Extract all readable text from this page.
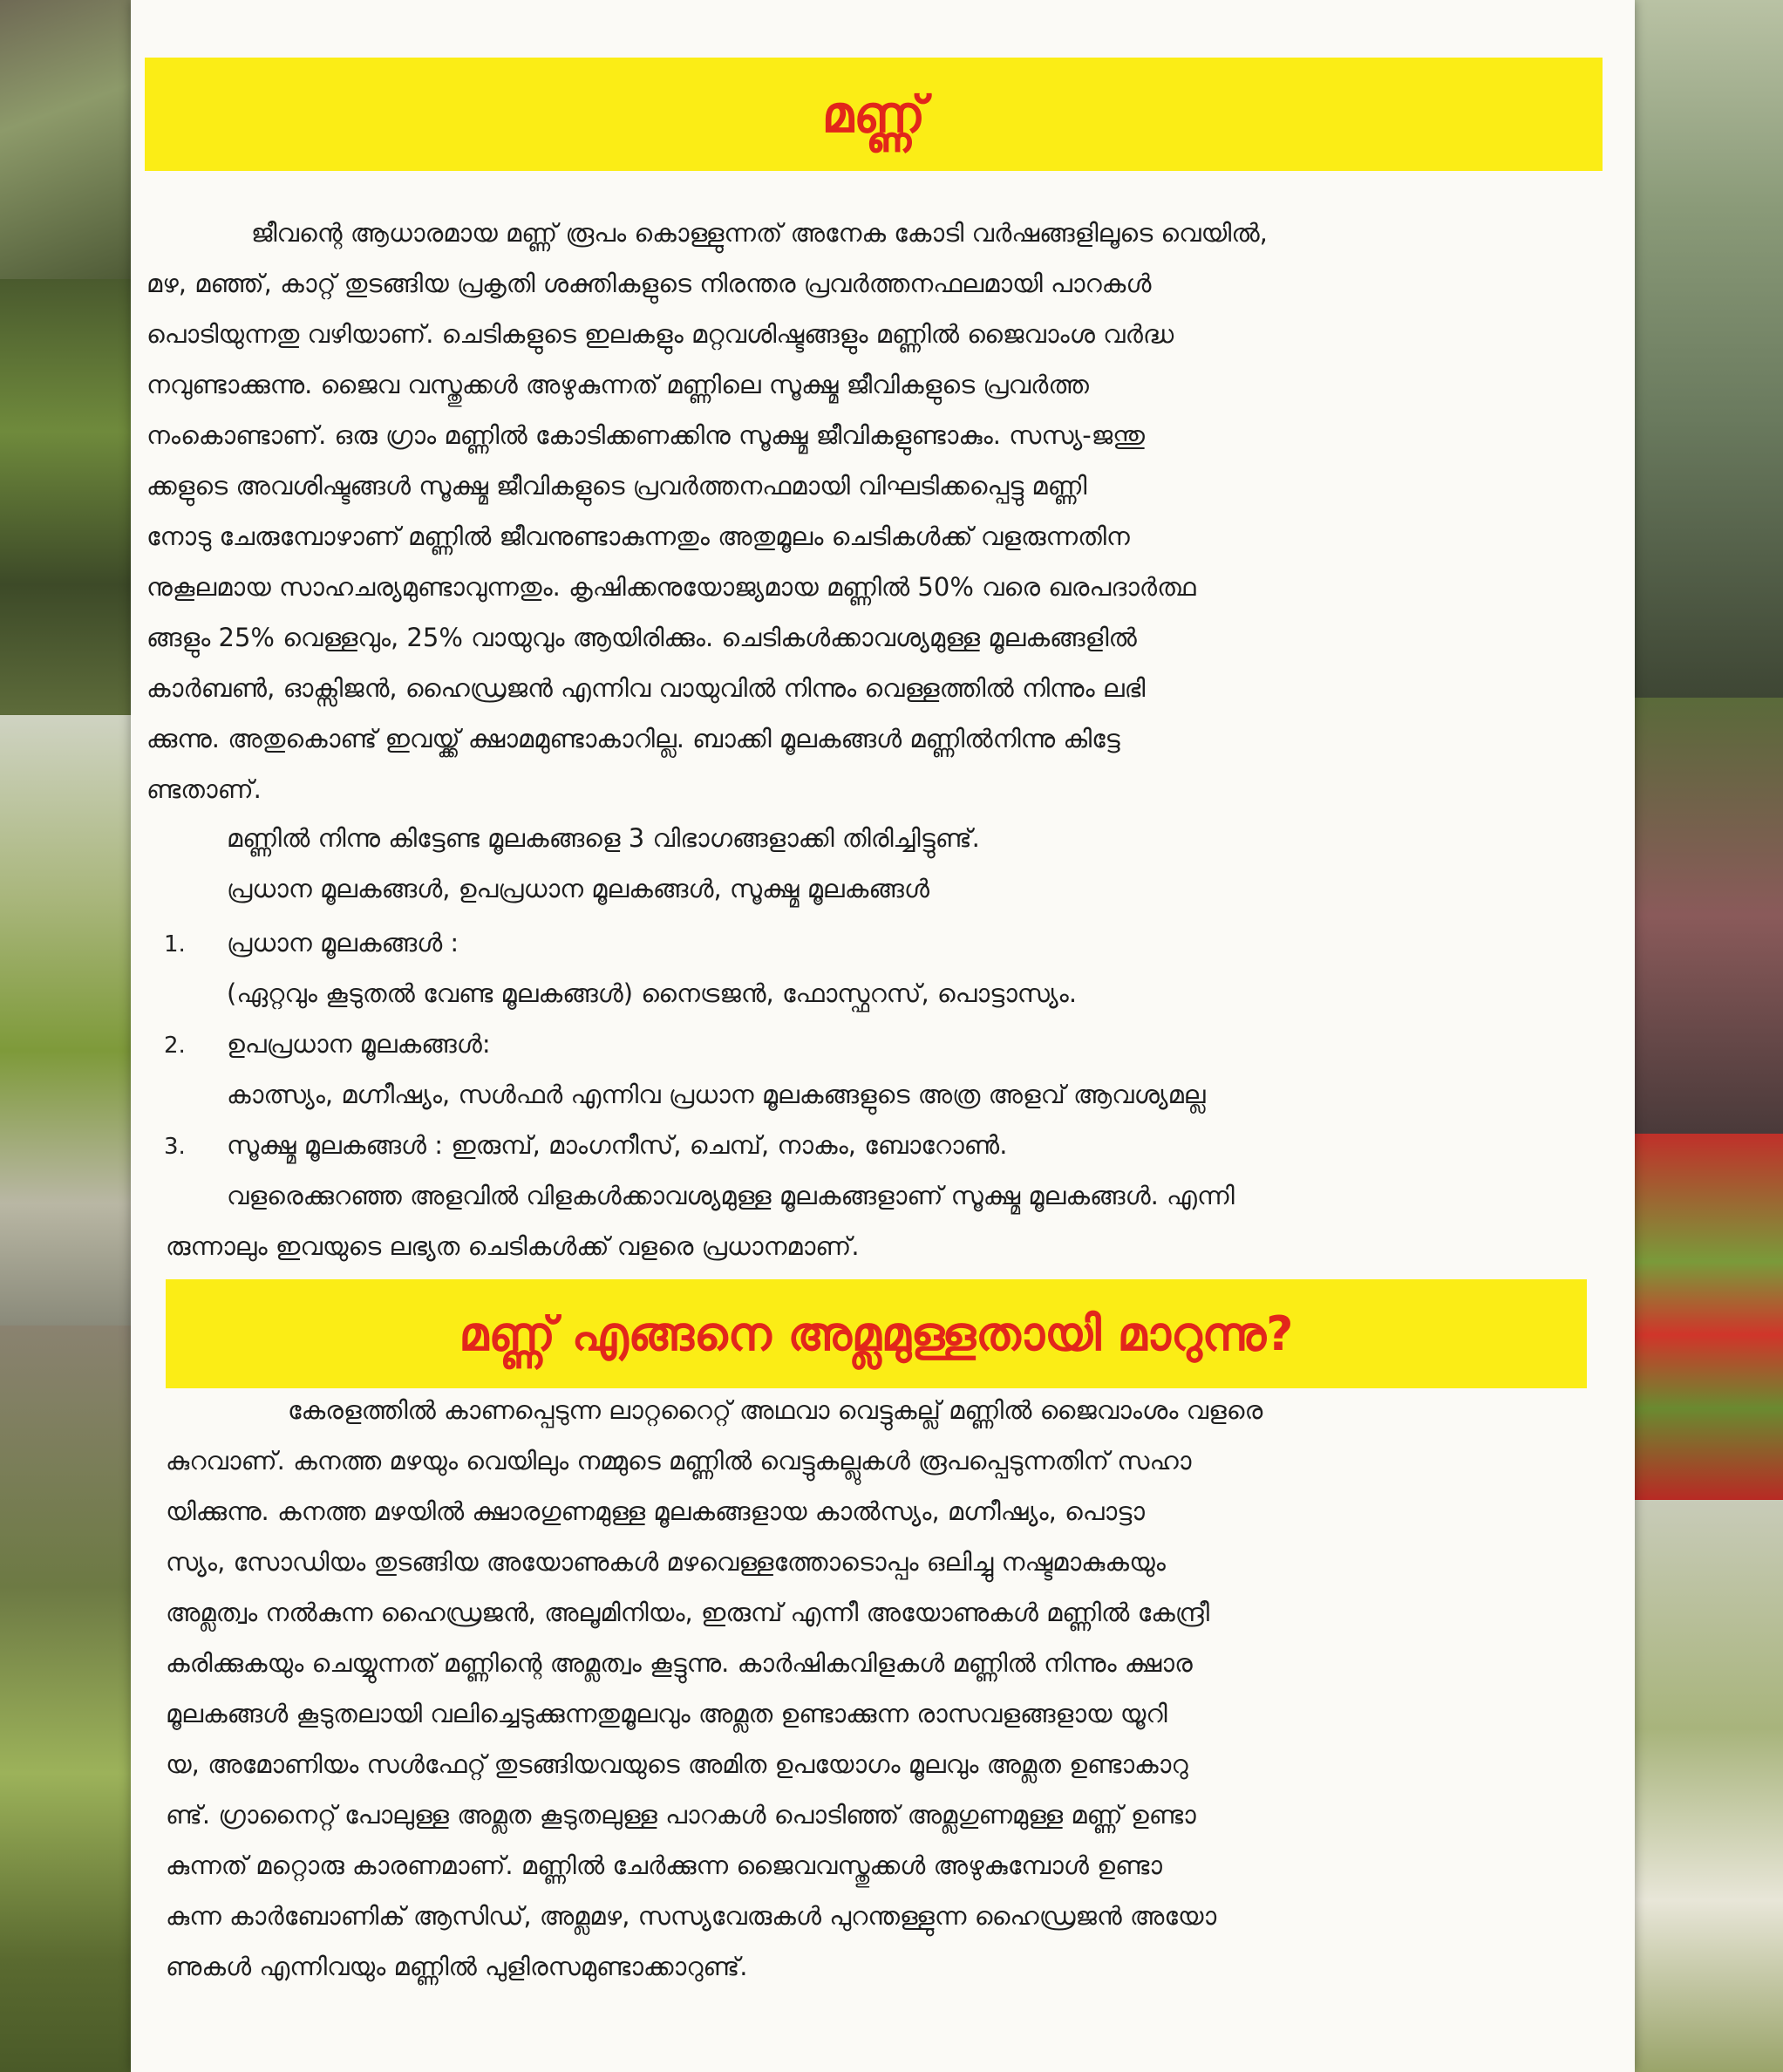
മണ്ണ്
ജീവന്റെ ആധാരമായ മണ്ണ് രൂപം കൊള്ളുന്നത് അനേക കോടി വർഷങ്ങളിലൂടെ വെയിൽ,
മഴ, മഞ്ഞ്, കാറ്റ് തുടങ്ങിയ പ്രകൃതി ശക്തികളുടെ നിരന്തര പ്രവർത്തനഫലമായി പാറകൾ
പൊടിയുന്നതു വഴിയാണ്. ചെടികളുടെ ഇലകളും മറ്റവശിഷ്ടങ്ങളും മണ്ണിൽ ജൈവാംശ വർദ്ധ
നവുണ്ടാക്കുന്നു. ജൈവ വസ്തുക്കൾ അഴുകുന്നത് മണ്ണിലെ സൂക്ഷ്മ ജീവികളുടെ പ്രവർത്ത
നംകൊണ്ടാണ്. ഒരു ഗ്രാം മണ്ണിൽ കോടിക്കണക്കിനു സൂക്ഷ്മ ജീവികളുണ്ടാകും. സസ്യ-ജന്തു
ക്കളുടെ അവശിഷ്ടങ്ങൾ സൂക്ഷ്മ ജീവികളുടെ പ്രവർത്തനഫമായി വിഘടിക്കപ്പെട്ടു മണ്ണി
നോടു ചേരുമ്പോഴാണ് മണ്ണിൽ ജീവനുണ്ടാകുന്നതും അതുമൂലം ചെടികൾക്ക് വളരുന്നതിന
നുകൂലമായ സാഹചര്യമുണ്ടാവുന്നതും. കൃഷിക്കനുയോജ്യമായ മണ്ണിൽ 50% വരെ ഖരപദാർത്ഥ
ങ്ങളും 25% വെള്ളവും, 25% വായുവും ആയിരിക്കും. ചെടികൾക്കാവശ്യമുള്ള മൂലകങ്ങളിൽ
കാർബൺ, ഓക്സിജൻ, ഹൈഡ്രജൻ എന്നിവ വായുവിൽ നിന്നും വെള്ളത്തിൽ നിന്നും ലഭി
ക്കുന്നു. അതുകൊണ്ട് ഇവയ്ക്ക് ക്ഷാമമുണ്ടാകാറില്ല. ബാക്കി മൂലകങ്ങൾ മണ്ണിൽനിന്നു കിട്ടേ
ണ്ടതാണ്.

മണ്ണിൽ നിന്നു കിട്ടേണ്ട മൂലകങ്ങളെ 3 വിഭാഗങ്ങളാക്കി തിരിച്ചിട്ടുണ്ട്.

പ്രധാന മൂലകങ്ങൾ, ഉപപ്രധാന മൂലകങ്ങൾ, സൂക്ഷ്മ മൂലകങ്ങൾ

1. പ്രധാന മൂലകങ്ങൾ :

(ഏറ്റവും കൂടുതൽ വേണ്ട മൂലകങ്ങൾ) നൈട്രജൻ, ഫോസ്ഫറസ്, പൊട്ടാസ്യം.

2. ഉപപ്രധാന മൂലകങ്ങൾ:

കാത്സ്യം, മഗ്നീഷ്യം, സൾഫർ എന്നിവ പ്രധാന മൂലകങ്ങളുടെ അത്ര അളവ് ആവശ്യമല്ല

3. സൂക്ഷ്മ മൂലകങ്ങൾ : ഇരുമ്പ്, മാംഗനീസ്, ചെമ്പ്, നാകം, ബോറോൺ.

വളരെക്കുറഞ്ഞ അളവിൽ വിളകൾക്കാവശ്യമുള്ള മൂലകങ്ങളാണ് സൂക്ഷ്മ മൂലകങ്ങൾ. എന്നി
രുന്നാലും ഇവയുടെ ലഭ്യത ചെടികൾക്ക് വളരെ പ്രധാനമാണ്.
മണ്ണ് എങ്ങനെ അമ്ലമുള്ളതായി മാറുന്നു?
കേരളത്തിൽ കാണപ്പെടുന്ന ലാറ്ററൈറ്റ് അഥവാ വെട്ടുകല്ല് മണ്ണിൽ ജൈവാംശം വളരെ
കുറവാണ്. കനത്ത മഴയും വെയിലും നമ്മുടെ മണ്ണിൽ വെട്ടുകല്ലുകൾ രൂപപ്പെടുന്നതിന് സഹാ
യിക്കുന്നു. കനത്ത മഴയിൽ ക്ഷാരഗുണമുള്ള മൂലകങ്ങളായ കാൽസ്യം, മഗ്നീഷ്യം, പൊട്ടാ
സ്യം, സോഡിയം തുടങ്ങിയ അയോണുകൾ മഴവെള്ളത്തോടൊപ്പം ഒലിച്ചു നഷ്ടമാകുകയും
അമ്ലത്വം നൽകുന്ന ഹൈഡ്രജൻ, അലൂമിനിയം, ഇരുമ്പ് എന്നീ അയോണുകൾ മണ്ണിൽ കേന്ദ്രീ
കരിക്കുകയും ചെയ്യുന്നത് മണ്ണിന്റെ അമ്ലത്വം കൂട്ടുന്നു. കാർഷികവിളകൾ മണ്ണിൽ നിന്നും ക്ഷാര
മൂലകങ്ങൾ കൂടുതലായി വലിച്ചെടുക്കുന്നതുമൂലവും അമ്ലത ഉണ്ടാക്കുന്ന രാസവളങ്ങളായ യൂറി
യ, അമോണിയം സൾഫേറ്റ് തുടങ്ങിയവയുടെ അമിത ഉപയോഗം മൂലവും അമ്ലത ഉണ്ടാകാറു
ണ്ട്. ഗ്രാനൈറ്റ് പോലുള്ള അമ്ലത കൂടുതലുള്ള പാറകൾ പൊടിഞ്ഞ് അമ്ലഗുണമുള്ള മണ്ണ് ഉണ്ടാ
കുന്നത് മറ്റൊരു കാരണമാണ്. മണ്ണിൽ ചേർക്കുന്ന ജൈവവസ്തുക്കൾ അഴുകുമ്പോൾ ഉണ്ടാ
കുന്ന കാർബോണിക് ആസിഡ്, അമ്ലമഴ, സസ്യവേരുകൾ പുറന്തള്ളുന്ന ഹൈഡ്രജൻ അയോ
ണുകൾ എന്നിവയും മണ്ണിൽ പുളിരസമുണ്ടാക്കാറുണ്ട്.
